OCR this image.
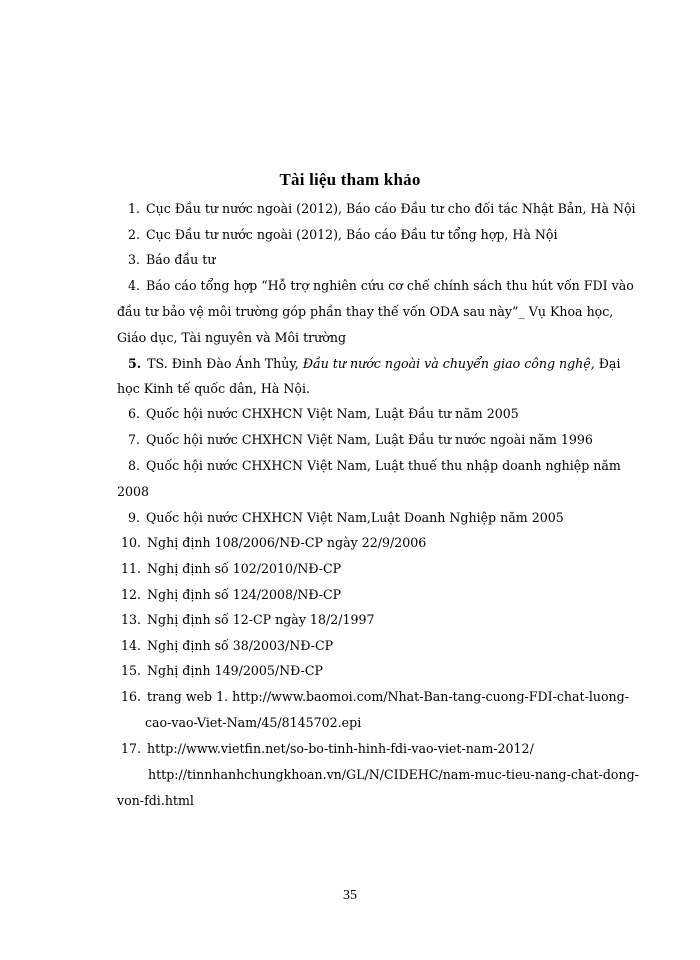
Tài liệu tham khảo
1. Cục Đầu tư nước ngoài (2012), Báo cáo Đầu tư cho đối tác Nhật Bản, Hà Nội
2. Cục Đầu tư nước ngoài (2012), Báo cáo Đầu tư tổng hợp, Hà Nội
3. Báo đầu tư
4. Báo cáo tổng hợp “Hỗ trợ nghiên cứu cơ chế chính sách thu hút vốn FDI vào
đầu tư bảo vệ môi trường góp phần thay thế vốn ODA sau này”_ Vụ Khoa học,
Giáo dục, Tài nguyên và Môi trường
5. TS. Đinh Đào Ánh Thủy, Đầu tư nước ngoài và chuyển giao công nghệ, Đại
học Kinh tế quốc dân, Hà Nội.
6. Quốc hội nước CHXHCN Việt Nam, Luật Đầu tư năm 2005
7. Quốc hội nước CHXHCN Việt Nam, Luật Đầu tư nước ngoài năm 1996
8. Quốc hội nước CHXHCN Việt Nam, Luật thuế thu nhập doanh nghiệp năm
2008
9. Quốc hội nước CHXHCN Việt Nam,Luật Doanh Nghiệp năm 2005
10. Nghị định 108/2006/NĐ-CP ngày 22/9/2006
11. Nghị định số 102/2010/NĐ-CP
12. Nghị định số 124/2008/NĐ-CP
13. Nghị định số 12-CP ngày 18/2/1997
14. Nghị định số 38/2003/NĐ-CP
15. Nghị định 149/2005/NĐ-CP
16. trang web 1. http://www.baomoi.com/Nhat-Ban-tang-cuong-FDI-chat-luong-
cao-vao-Viet-Nam/45/8145702.epi
17. http://www.vietfin.net/so-bo-tinh-hinh-fdi-vao-viet-nam-2012/
http://tinnhanhchungkhoan.vn/GL/N/CIDEHC/nam-muc-tieu-nang-chat-dong-
von-fdi.html
35
